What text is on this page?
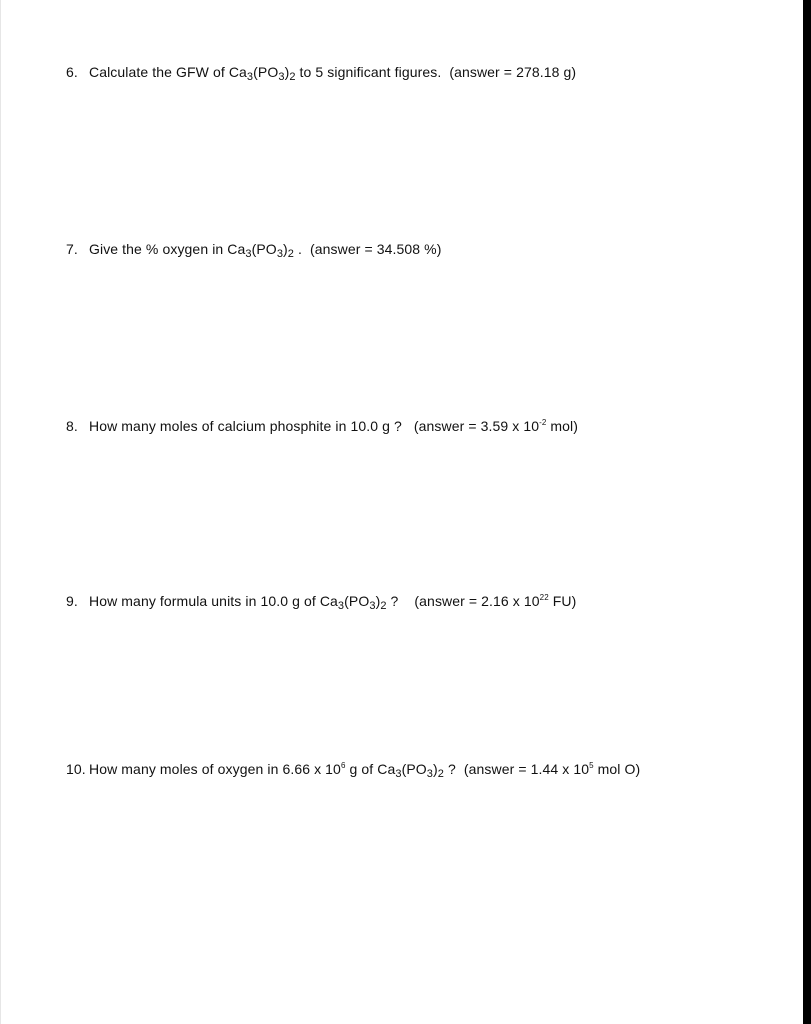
6. Calculate the GFW of $Ca_3(PO_3)_2$ to 5 significant figures. (answer = 278.18 g)
7. Give the % oxygen in $Ca_3(PO_3)_2$ . (answer = 34.508 %)
8. How many moles of calcium phosphite in 10.0 g ? (answer = 3.59 x $10^{-2}$ mol)
9. How many formula units in 10.0 g of $Ca_3(PO_3)_2$ ? (answer = 2.16 x $10^{22}$ FU)
10. How many moles of oxygen in 6.66 x $10^6$ g of $Ca_3(PO_3)_2$ ? (answer = 1.44 x $10^5$ mol O)
